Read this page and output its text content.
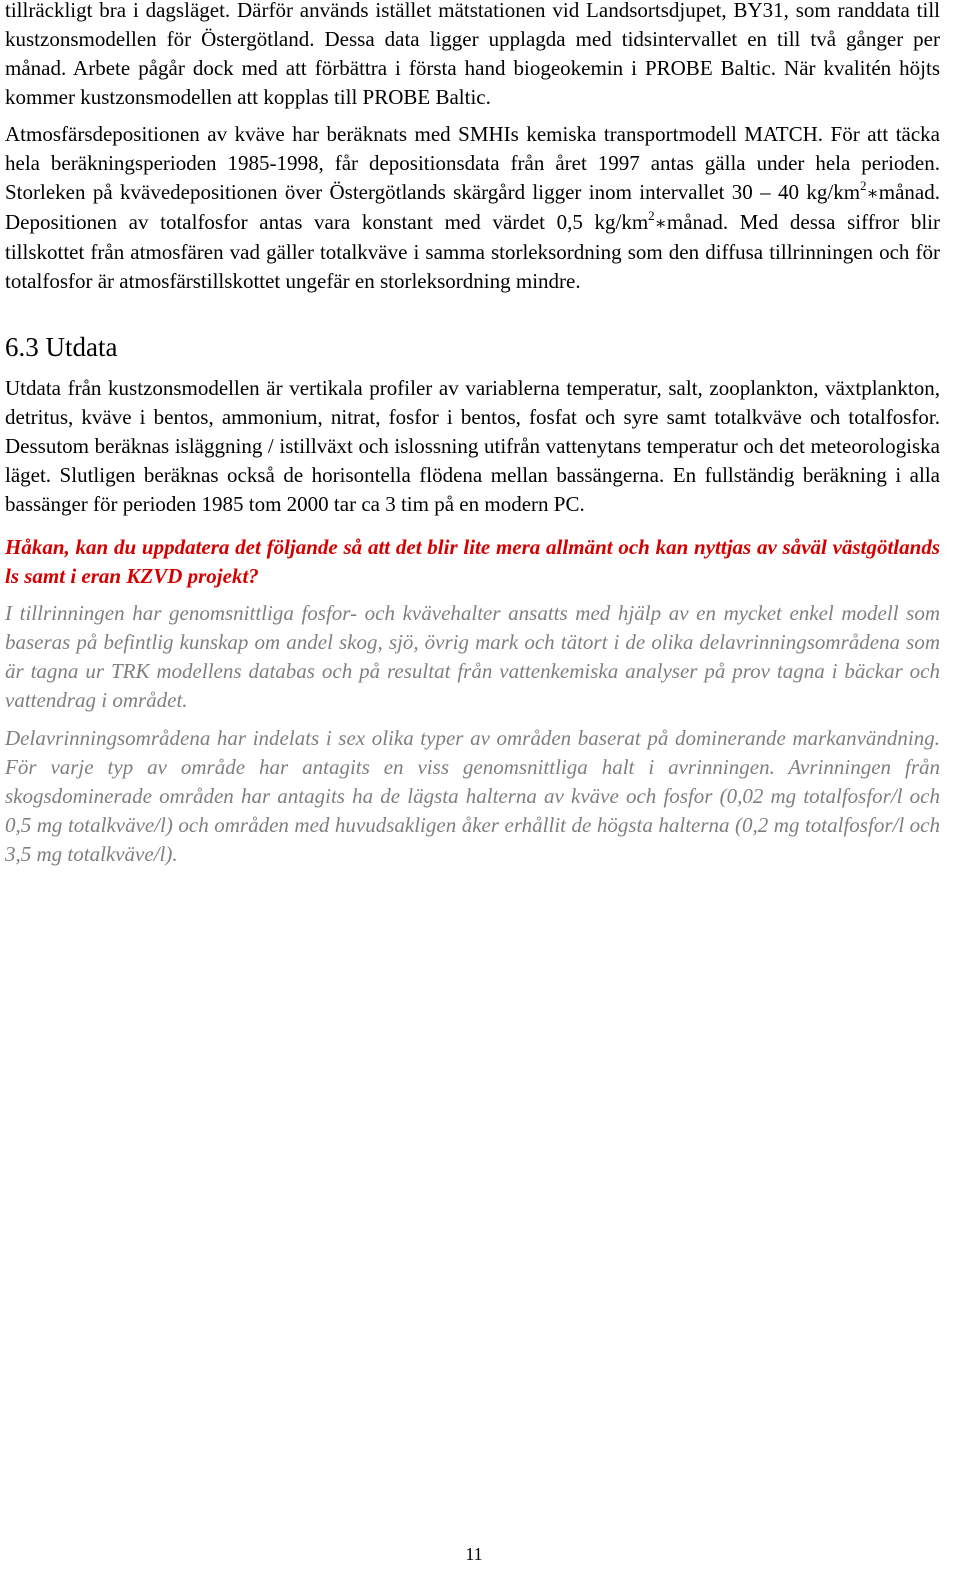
tillräckligt bra i dagsläget. Därför används istället mätstationen vid Landsortsdjupet, BY31, som randdata till kustzonsmodellen för Östergötland. Dessa data ligger upplagda med tidsintervallet en till två gånger per månad. Arbete pågår dock med att förbättra i första hand biogeokemin i PROBE Baltic. När kvalitén höjts kommer kustzonsmodellen att kopplas till PROBE Baltic.

Atmosfärsdepositionen av kväve har beräknats med SMHIs kemiska transportmodell MATCH. För att täcka hela beräkningsperioden 1985-1998, får depositionsdata från året 1997 antas gälla under hela perioden. Storleken på kvävedepositionen över Östergötlands skärgård ligger inom intervallet 30 – 40 $kg/km^2∗månad$. Depositionen av totalfosfor antas vara konstant med värdet 0,5 $kg/km^2∗månad$. Med dessa siffror blir tillskottet från atmosfären vad gäller totalkväve i samma storleksordning som den diffusa tillrinningen och för totalfosfor är atmosfärstillskottet ungefär en storleksordning mindre.

6.3 Utdata

Utdata från kustzonsmodellen är vertikala profiler av variablerna temperatur, salt, zooplankton, växtplankton, detritus, kväve i bentos, ammonium, nitrat, fosfor i bentos, fosfat och syre samt totalkväve och totalfosfor. Dessutom beräknas isläggning / istillväxt och islossning utifrån vattenytans temperatur och det meteorologiska läget. Slutligen beräknas också de horisontella flödena mellan bassängerna. En fullständig beräkning i alla bassänger för perioden 1985 tom 2000 tar ca 3 tim på en modern PC.

Håkan, kan du uppdatera det följande så att det blir lite mera allmänt och kan nyttjas av såväl västgötlands ls samt i eran KZVD projekt?

I tillrinningen har genomsnittliga fosfor- och kvävehalter ansatts med hjälp av en mycket enkel modell som baseras på befintlig kunskap om andel skog, sjö, övrig mark och tätort i de olika delavrinningsområdena som är tagna ur TRK modellens databas och på resultat från vattenkemiska analyser på prov tagna i bäckar och vattendrag i området.

Delavrinningsområdena har indelats i sex olika typer av områden baserat på dominerande markanvändning. För varje typ av område har antagits en viss genomsnittliga halt i avrinningen. Avrinningen från skogsdominerade områden har antagits ha de lägsta halterna av kväve och fosfor (0,02 mg totalfosfor/l och 0,5 mg totalkväve/l) och områden med huvudsakligen åker erhållit de högsta halterna (0,2 mg totalfosfor/l och 3,5 mg totalkväve/l).

11
